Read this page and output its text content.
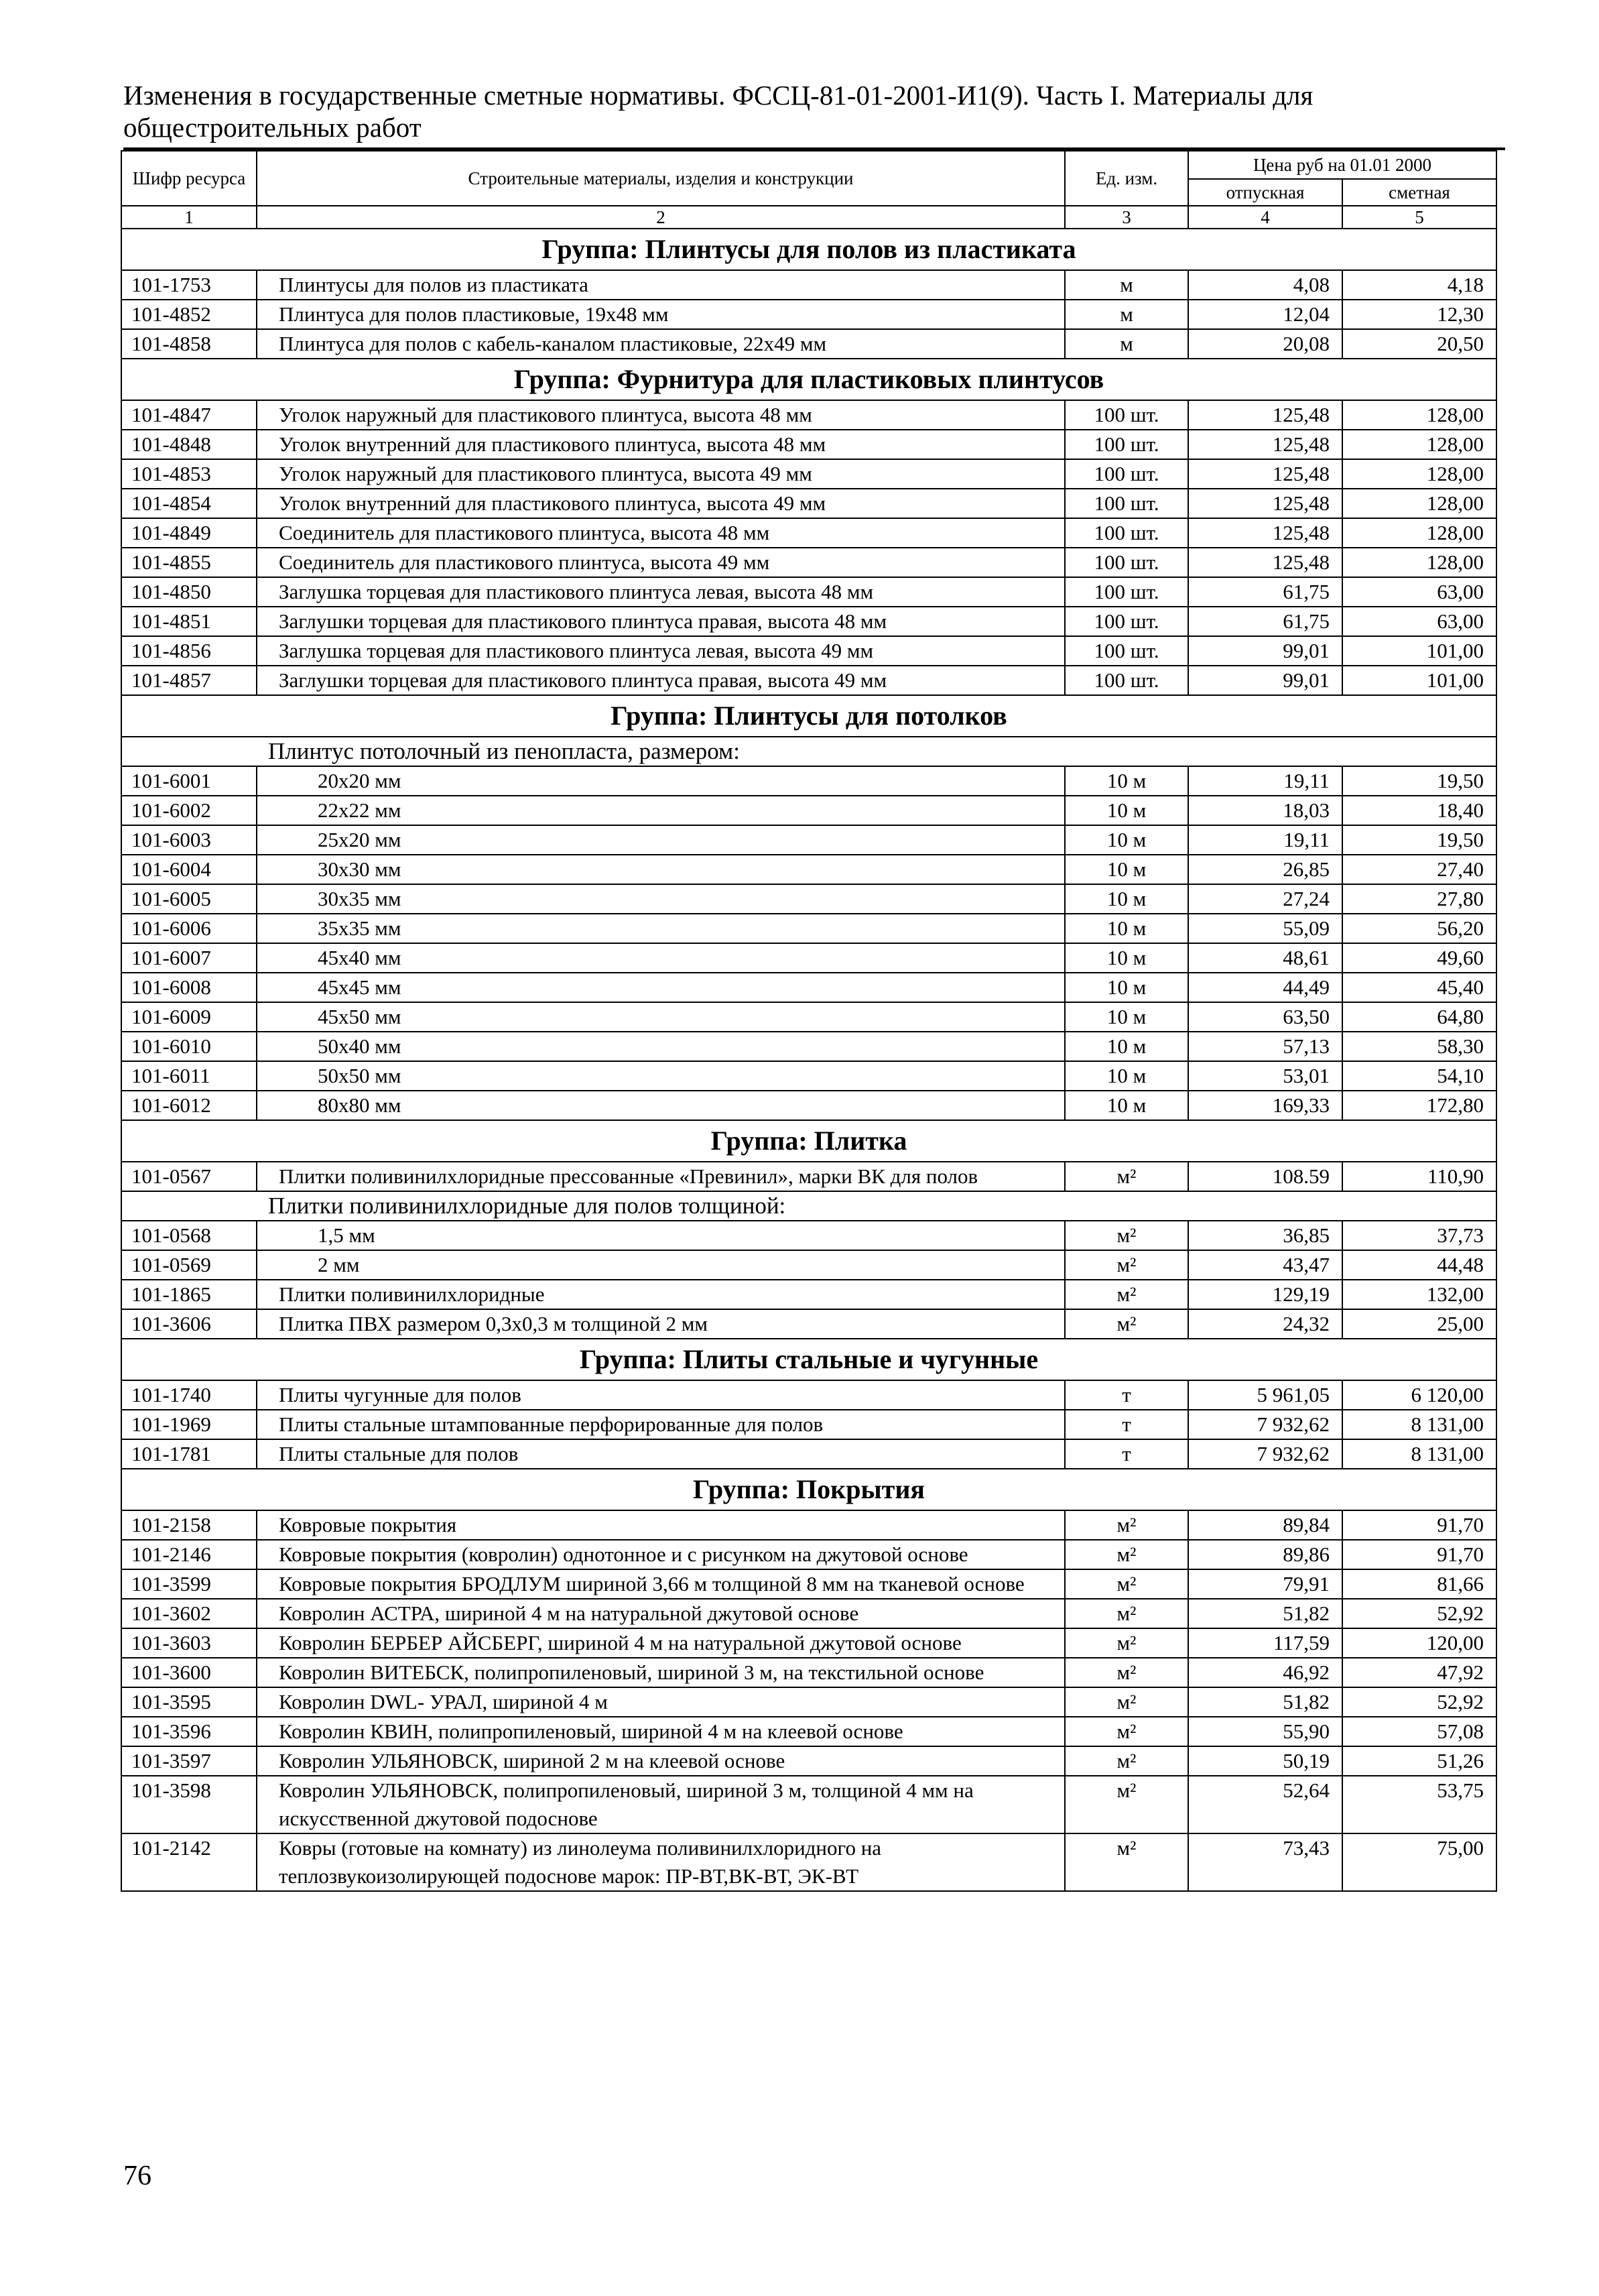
Изменения в государственные сметные нормативы. ФССЦ-81-01-2001-И1(9). Часть I. Материалы для
общестроительных работ
Шифр ресурса	Строительные материалы, изделия и конструкции	Ед. изм.	Цена руб на 01.01 2000	
			отпускная	сметная
1	2	3	4	5
Группа: Плинтусы для полов из пластиката				
101-1753	Плинтусы для полов из пластиката	м	4,08	4,18
101-4852	Плинтуса для полов пластиковые, 19x48 мм	м	12,04	12,30
101-4858	Плинтуса для полов с кабель-каналом пластиковые, 22x49 мм	м	20,08	20,50
Группа: Фурнитура для пластиковых плинтусов				
101-4847	Уголок наружный для пластикового плинтуса, высота 48 мм	100 шт.	125,48	128,00
101-4848	Уголок внутренний для пластикового плинтуса, высота 48 мм	100 шт.	125,48	128,00
101-4853	Уголок наружный для пластикового плинтуса, высота 49 мм	100 шт.	125,48	128,00
101-4854	Уголок внутренний для пластикового плинтуса, высота 49 мм	100 шт.	125,48	128,00
101-4849	Соединитель для пластикового плинтуса, высота 48 мм	100 шт.	125,48	128,00
101-4855	Соединитель для пластикового плинтуса, высота 49 мм	100 шт.	125,48	128,00
101-4850	Заглушка торцевая для пластикового плинтуса левая, высота 48 мм	100 шт.	61,75	63,00
101-4851	Заглушки торцевая для пластикового плинтуса правая, высота 48 мм	100 шт.	61,75	63,00
101-4856	Заглушка торцевая для пластикового плинтуса левая, высота 49 мм	100 шт.	99,01	101,00
101-4857	Заглушки торцевая для пластикового плинтуса правая, высота 49 мм	100 шт.	99,01	101,00
Группа: Плинтусы для потолков				
Плинтус потолочный из пенопласта, размером:				
101-6001	20x20 мм	10 м	19,11	19,50
101-6002	22x22 мм	10 м	18,03	18,40
101-6003	25x20 мм	10 м	19,11	19,50
101-6004	30x30 мм	10 м	26,85	27,40
101-6005	30x35 мм	10 м	27,24	27,80
101-6006	35x35 мм	10 м	55,09	56,20
101-6007	45x40 мм	10 м	48,61	49,60
101-6008	45x45 мм	10 м	44,49	45,40
101-6009	45x50 мм	10 м	63,50	64,80
101-6010	50x40 мм	10 м	57,13	58,30
101-6011	50x50 мм	10 м	53,01	54,10
101-6012	80x80 мм	10 м	169,33	172,80
Группа: Плитка				
101-0567	Плитки поливинилхлоридные прессованные «Превинил», марки ВК для полов	м²	108.59	110,90
Плитки поливинилхлоридные для полов толщиной:				
101-0568	1,5 мм	м²	36,85	37,73
101-0569	2 мм	м²	43,47	44,48
101-1865	Плитки поливинилхлоридные	м²	129,19	132,00
101-3606	Плитка ПВХ размером 0,3x0,3 м толщиной 2 мм	м²	24,32	25,00
Группа: Плиты стальные и чугунные				
101-1740	Плиты чугунные для полов	т	5 961,05	6 120,00
101-1969	Плиты стальные штампованные перфорированные для полов	т	7 932,62	8 131,00
101-1781	Плиты стальные для полов	т	7 932,62	8 131,00
Группа: Покрытия				
101-2158	Ковровые покрытия	м²	89,84	91,70
101-2146	Ковровые покрытия (ковролин) однотонное и с рисунком на джутовой основе	м²	89,86	91,70
101-3599	Ковровые покрытия БРОДЛУМ шириной 3,66 м толщиной 8 мм на тканевой основе	м²	79,91	81,66
101-3602	Ковролин АСТРА, шириной 4 м на натуральной джутовой основе	м²	51,82	52,92
101-3603	Ковролин БЕРБЕР АЙСБЕРГ, шириной 4 м на натуральной джутовой основе	м²	117,59	120,00
101-3600	Ковролин ВИТЕБСК, полипропиленовый, шириной 3 м, на текстильной основе	м²	46,92	47,92
101-3595	Ковролин DWL- УРАЛ, шириной 4 м	м²	51,82	52,92
101-3596	Ковролин КВИН, полипропиленовый, шириной 4 м на клеевой основе	м²	55,90	57,08
101-3597	Ковролин УЛЬЯНОВСК, шириной 2 м на клеевой основе	м²	50,19	51,26
101-3598	Ковролин УЛЬЯНОВСК, полипропиленовый, шириной 3 м, толщиной 4 мм на искусственной джутовой подоснове	м²	52,64	53,75
101-2142	Ковры (готовые на комнату) из линолеума поливинилхлоридного на теплозвукоизолирующей подоснове марок: ПР-ВТ,ВК-ВТ, ЭК-ВТ	м²	73,43	75,00
76
